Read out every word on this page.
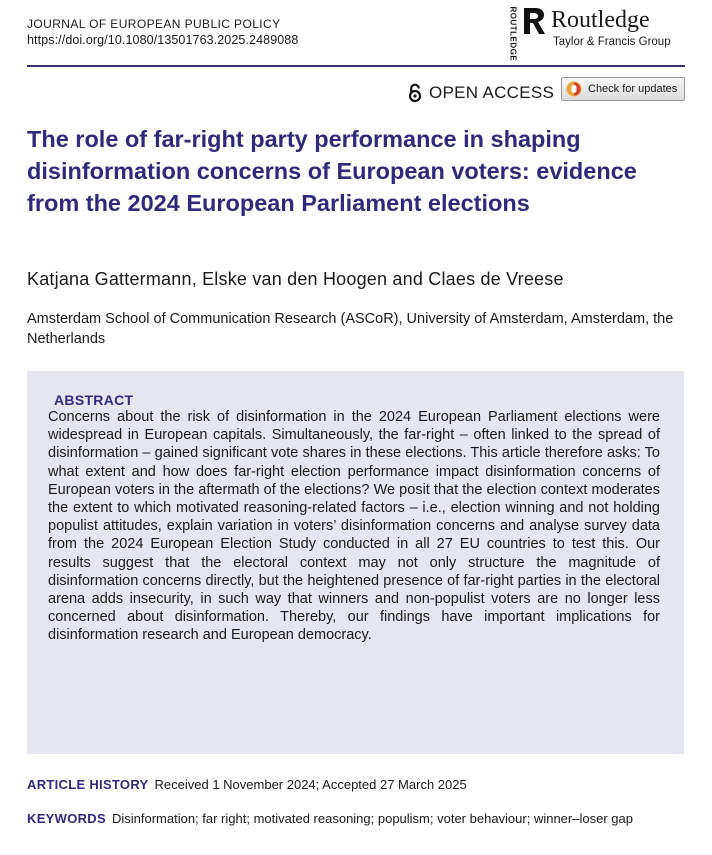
JOURNAL OF EUROPEAN PUBLIC POLICY
https://doi.org/10.1080/13501763.2025.2489088	ROUTLEDGE Routledge
Taylor & Francis Group
OPEN ACCESS	Check for updates
The role of far-right party performance in shaping disinformation concerns of European voters: evidence from the 2024 European Parliament elections
Katjana Gattermann, Elske van den Hoogen and Claes de Vreese
Amsterdam School of Communication Research (ASCoR), University of Amsterdam, Amsterdam, the Netherlands
ABSTRACT

Concerns about the risk of disinformation in the 2024 European Parliament elections were widespread in European capitals. Simultaneously, the far-right – often linked to the spread of disinformation – gained significant vote shares in these elections. This article therefore asks: To what extent and how does far-right election performance impact disinformation concerns of European voters in the aftermath of the elections? We posit that the election context moderates the extent to which motivated reasoning-related factors – i.e., election winning and not holding populist attitudes, explain variation in voters’ disinformation concerns and analyse survey data from the 2024 European Election Study conducted in all 27 EU countries to test this. Our results suggest that the electoral context may not only structure the magnitude of disinformation concerns directly, but the heightened presence of far-right parties in the electoral arena adds insecurity, in such way that winners and non-populist voters are no longer less concerned about disinformation. Thereby, our findings have important implications for disinformation research and European democracy.

ARTICLE HISTORY Received 1 November 2024; Accepted 27 March 2025
KEYWORDS Disinformation; far right; motivated reasoning; populism; voter behaviour; winner–loser gap
